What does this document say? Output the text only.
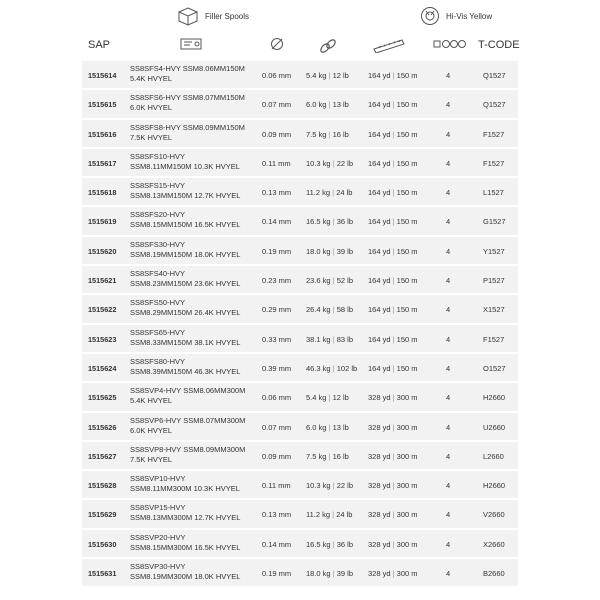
Filler Spools	Hi-Vis Yellow
SAP	T-CODE
1515614
SS8SFS4-HVY SSM8.06MM150M
5.4K HVYEL	0.06 mm 5.4 kg | 12 lb	164 yd | 150 m	4	Q1527
1515615
SS8SFS6-HVY SSM8.07MM150M
6.0K HVYEL	0.07 mm 6.0 kg | 13 lb	164 yd | 150 m	4	Q1527
1515616
SS8SFS8-HVY SSM8.09MM150M
7.5K HVYEL	0.09 mm 7.5 kg | 16 lb	164 yd | 150 m	4	F1527
1515617
SS8SFS10-HVY
SSM8.11MM150M 10.3K HVYEL	0.11 mm 10.3 kg | 22 lb	164 yd | 150 m	4	F1527
1515618
SS8SFS15-HVY
SSM8.13MM150M 12.7K HVYEL	0.13 mm 11.2 kg | 24 lb	164 yd | 150 m	4	L1527
1515619
SS8SFS20-HVY
SSM8.15MM150M 16.5K HVYEL	0.14 mm 16.5 kg | 36 lb	164 yd | 150 m	4	G1527
1515620
SS8SFS30-HVY
SSM8.19MM150M 18.0K HVYEL	0.19 mm 18.0 kg | 39 lb	164 yd | 150 m	4	Y1527
1515621
SS8SFS40-HVY
SSM8.23MM150M 23.6K HVYEL	0.23 mm 23.6 kg | 52 lb	164 yd | 150 m	4	P1527
1515622
SS8SFS50-HVY
SSM8.29MM150M 26.4K HVYEL	0.29 mm 26.4 kg | 58 lb	164 yd | 150 m	4	X1527
1515623
SS8SFS65-HVY
SSM8.33MM150M 38.1K HVYEL	0.33 mm 38.1 kg | 83 lb	164 yd | 150 m	4	F1527
1515624
SS8SFS80-HVY
SSM8.39MM150M 46.3K HVYEL	0.39 mm 46.3 kg | 102 lb	164 yd | 150 m	4	O1527
1515625
SS8SVP4-HVY SSM8.06MM300M
5.4K HVYEL	0.06 mm 5.4 kg | 12 lb	328 yd | 300 m	4	H2660
1515626
SS8SVP6-HVY SSM8.07MM300M
6.0K HVYEL	0.07 mm 6.0 kg | 13 lb	328 yd | 300 m	4	U2660
1515627
SS8SVP8-HVY SSM8.09MM300M
7.5K HVYEL	0.09 mm 7.5 kg | 16 lb	328 yd | 300 m	4	L2660
1515628
SS8SVP10-HVY
SSM8.11MM300M 10.3K HVYEL	0.11 mm 10.3 kg | 22 lb	328 yd | 300 m	4	H2660
1515629
SS8SVP15-HVY
SSM8.13MM300M 12.7K HVYEL	0.13 mm 11.2 kg | 24 lb	328 yd | 300 m	4	V2660
1515630
SS8SVP20-HVY
SSM8.15MM300M 16.5K HVYEL	0.14 mm 16.5 kg | 36 lb	328 yd | 300 m	4	X2660
1515631
SS8SVP30-HVY
SSM8.19MM300M 18.0K HVYEL	0.19 mm 18.0 kg | 39 lb	328 yd | 300 m	4	B2660
